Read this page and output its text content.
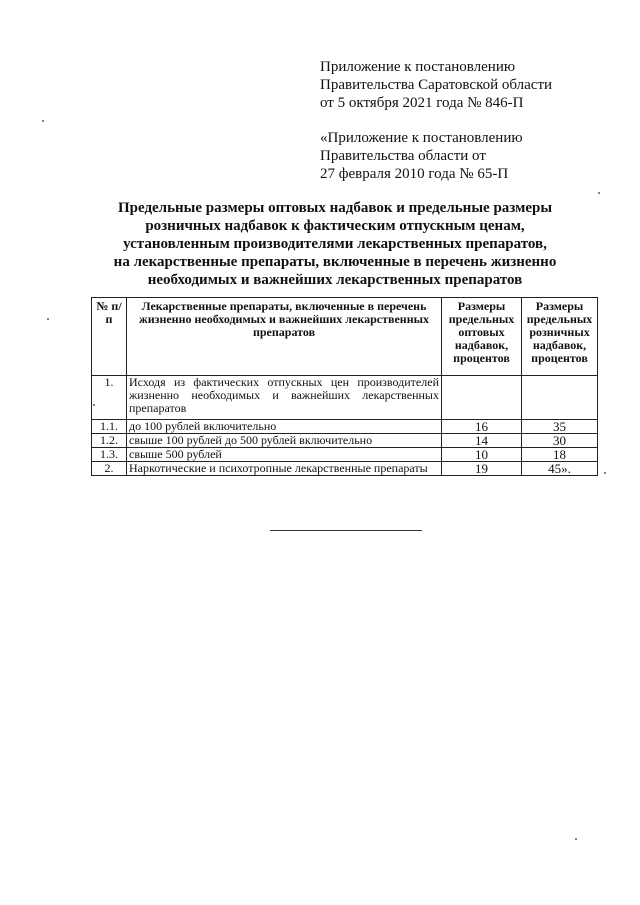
Приложение к постановлению
Правительства Саратовской области
от 5 октября 2021 года № 846-П
«Приложение к постановлению
Правительства области от
27 февраля 2010 года № 65-П
Предельные размеры оптовых надбавок и предельные размеры
розничных надбавок к фактическим отпускным ценам,
установленным производителями лекарственных препаратов,
на лекарственные препараты, включенные в перечень жизненно
необходимых и важнейших лекарственных препаратов
№ п/п	Лекарственные препараты, включенные в перечень жизненно необходимых и важнейших лекарственных препаратов	Размеры предельных оптовых надбавок, процентов	Размеры предельных розничных надбавок, процентов
1.	Исходя из фактических отпускных цен производителей жизненно необходимых и важнейших лекарственных препаратов		
1.1.	до 100 рублей включительно	16	35
1.2.	свыше 100 рублей до 500 рублей включительно	14	30
1.3.	свыше 500 рублей	10	18
2.	Наркотические и психотропные лекарственные препараты	19	45».
